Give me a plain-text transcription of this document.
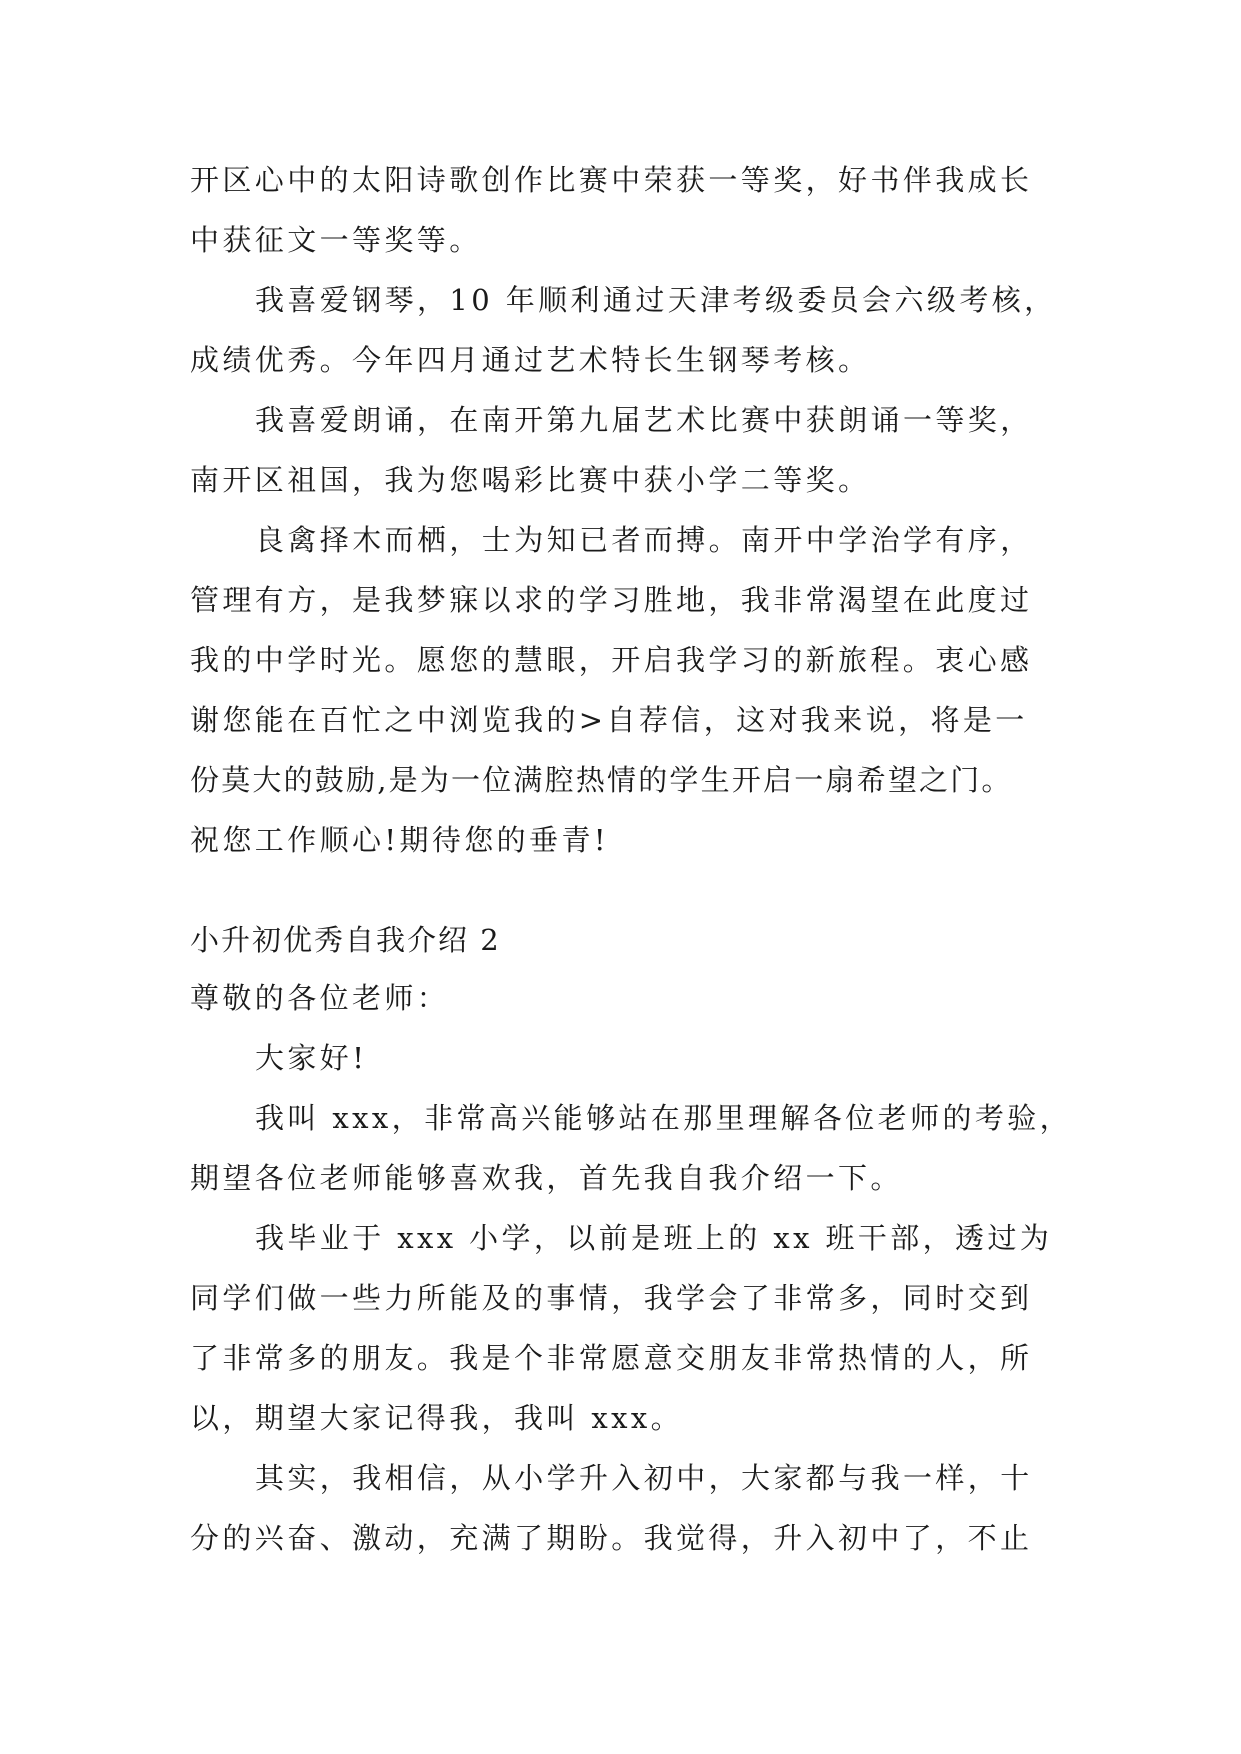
开区心中的太阳诗歌创作比赛中荣获一等奖，好书伴我成长

中获征文一等奖等。

我喜爱钢琴，10 年顺利通过天津考级委员会六级考核，

成绩优秀。今年四月通过艺术特长生钢琴考核。

我喜爱朗诵，在南开第九届艺术比赛中获朗诵一等奖，

南开区祖国，我为您喝彩比赛中获小学二等奖。

良禽择木而栖，士为知已者而搏。南开中学治学有序，

管理有方，是我梦寐以求的学习胜地，我非常渴望在此度过

我的中学时光。愿您的慧眼，开启我学习的新旅程。衷心感

谢您能在百忙之中浏览我的>自荐信，这对我来说，将是一

份莫大的鼓励,是为一位满腔热情的学生开启一扇希望之门。

祝您工作顺心!期待您的垂青!

小升初优秀自我介绍 2

尊敬的各位老师：

大家好!

我叫 xxx，非常高兴能够站在那里理解各位老师的考验，

期望各位老师能够喜欢我，首先我自我介绍一下。

我毕业于 xxx 小学，以前是班上的 xx 班干部，透过为

同学们做一些力所能及的事情，我学会了非常多，同时交到

了非常多的朋友。我是个非常愿意交朋友非常热情的人，所

以，期望大家记得我，我叫 xxx。

其实，我相信，从小学升入初中，大家都与我一样，十

分的兴奋、激动，充满了期盼。我觉得，升入初中了，不止
